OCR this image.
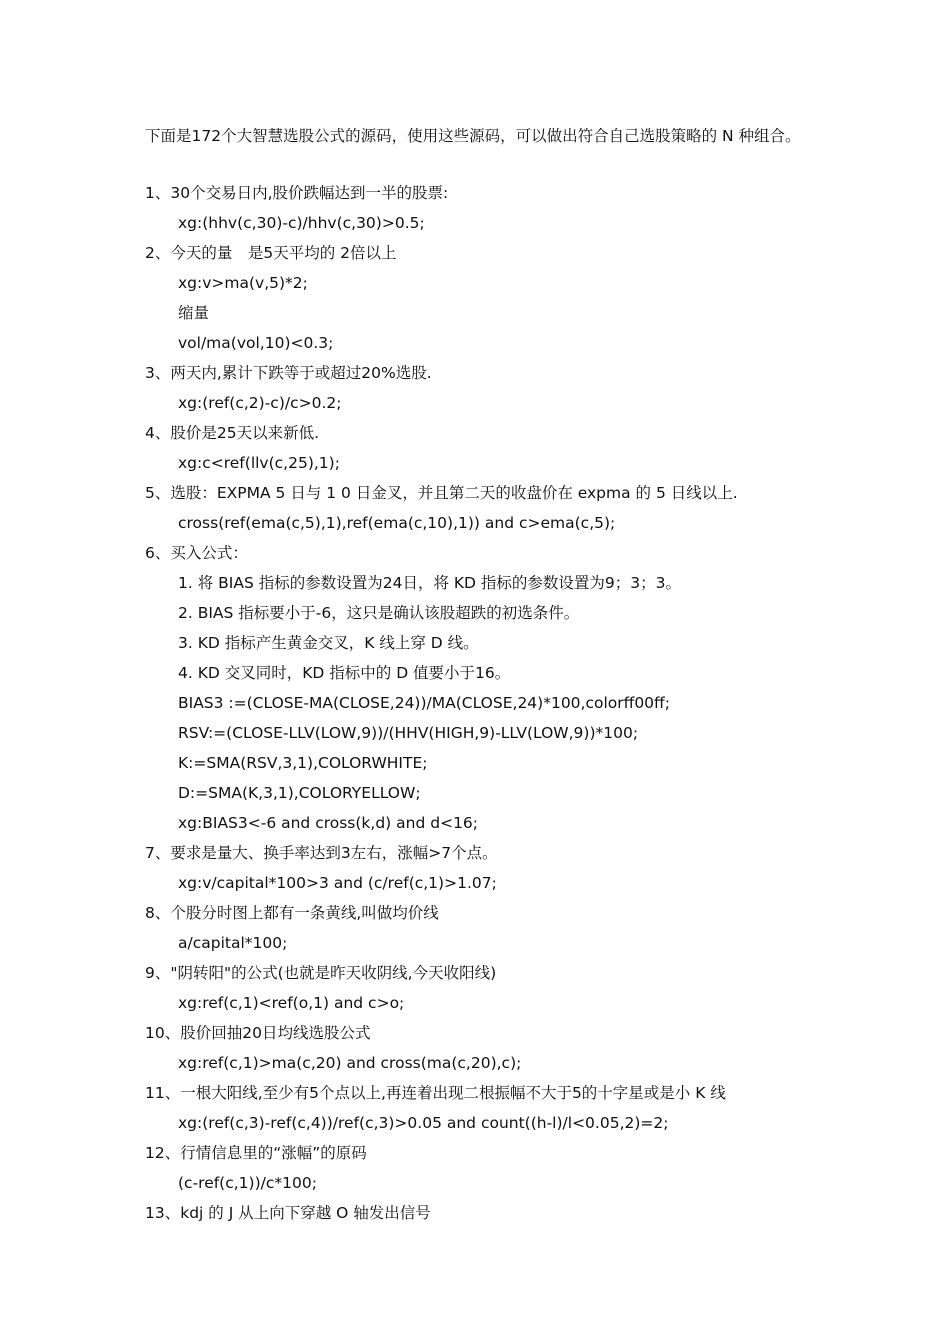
下面是172个大智慧选股公式的源码，使用这些源码，可以做出符合自己选股策略的 N 种组合。
1、30个交易日内,股价跌幅达到一半的股票:
xg:(hhv(c,30)-c)/hhv(c,30)>0.5;
2、今天的量　是5天平均的 2倍以上
xg:v>ma(v,5)*2;
缩量
vol/ma(vol,10)<0.3;
3、两天内,累计下跌等于或超过20%选股.
xg:(ref(c,2)-c)/c>0.2;
4、股价是25天以来新低.
xg:c<ref(llv(c,25),1);
5、选股：EXPMA 5 日与 1 0 日金叉，并且第二天的收盘价在 expma 的 5 日线以上.
cross(ref(ema(c,5),1),ref(ema(c,10),1)) and c>ema(c,5);
6、买入公式：
1. 将 BIAS 指标的参数设置为24日，将 KD 指标的参数设置为9；3；3。
2. BIAS 指标要小于-6，这只是确认该股超跌的初选条件。
3. KD 指标产生黄金交叉，K 线上穿 D 线。
4. KD 交叉同时，KD 指标中的 D 值要小于16。
BIAS3 :=(CLOSE-MA(CLOSE,24))/MA(CLOSE,24)*100,colorff00ff;
RSV:=(CLOSE-LLV(LOW,9))/(HHV(HIGH,9)-LLV(LOW,9))*100;
K:=SMA(RSV,3,1),COLORWHITE;
D:=SMA(K,3,1),COLORYELLOW;
xg:BIAS3<-6 and cross(k,d) and d<16;
7、要求是量大、换手率达到3左右，涨幅>7个点。
xg:v/capital*100>3 and (c/ref(c,1)>1.07;
8、个股分时图上都有一条黄线,叫做均价线
a/capital*100;
9、"阴转阳"的公式(也就是昨天收阴线,今天收阳线)
xg:ref(c,1)<ref(o,1) and c>o;
10、股价回抽20日均线选股公式
xg:ref(c,1)>ma(c,20) and cross(ma(c,20),c);
11、一根大阳线,至少有5个点以上,再连着出现二根振幅不大于5的十字星或是小 K 线
xg:(ref(c,3)-ref(c,4))/ref(c,3)>0.05 and count((h-l)/l<0.05,2)=2;
12、行情信息里的“涨幅”的原码
(c-ref(c,1))/c*100;
13、kdj 的 J 从上向下穿越 O 轴发出信号
